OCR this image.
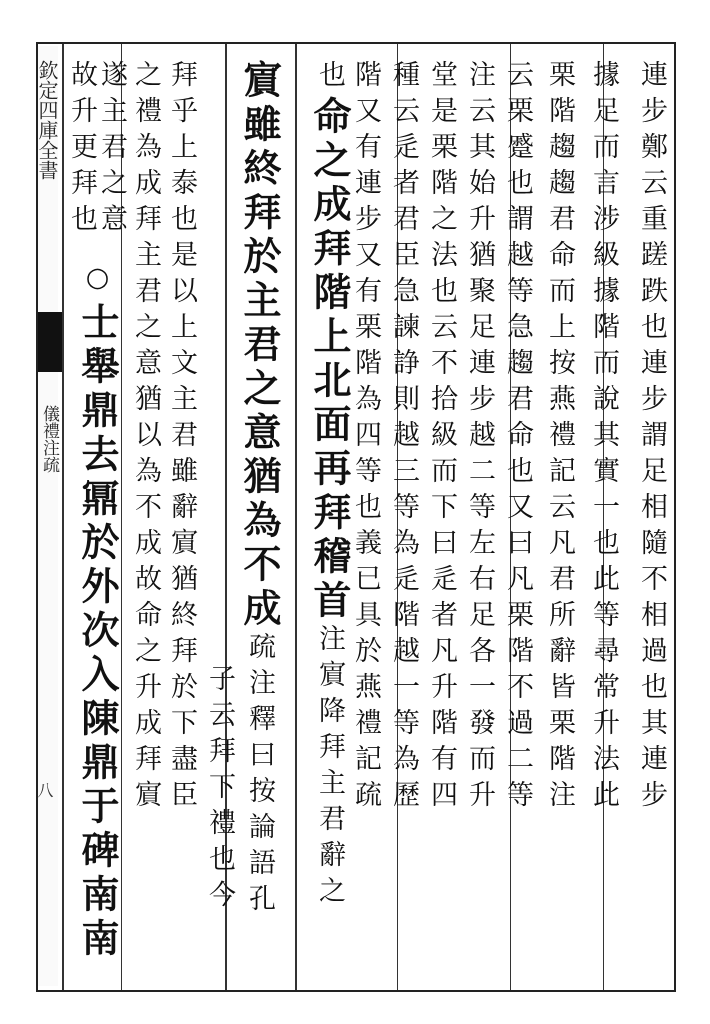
欽定四庫全書
儀禮注疏
八	連步鄭云重蹉跌也連步謂足相隨不相過也其連步
據足而言涉級據階而說其實一也此等尋常升法此
栗階趨趨君命而上按燕禮記云凡君所辭皆栗階注
云栗蹙也謂越等急趨君命也又曰凡栗階不過二等
注云其始升猶聚足連步越二等左右足各一發而升
堂是栗階之法也云不拾級而下曰辵者凡升階有四
種云辵者君臣急諫諍則越三等為辵階越一等為歷
階又有連步又有栗階為四等也義已具於燕禮記疏
也命之成拜階上北面再拜稽首注賔降拜主君辭之
賔雖終拜於主君之意猶為不成疏注釋曰按論語孔
子云拜下禮也今
拜乎上泰也是以上文主君雖辭賔猶終拜於下盡臣
之禮為成拜主君之意猶以為不成故命之升成拜賔
遂主君之意
故升更拜也
○士舉鼎去鼏於外次入陳鼎于碑南南
